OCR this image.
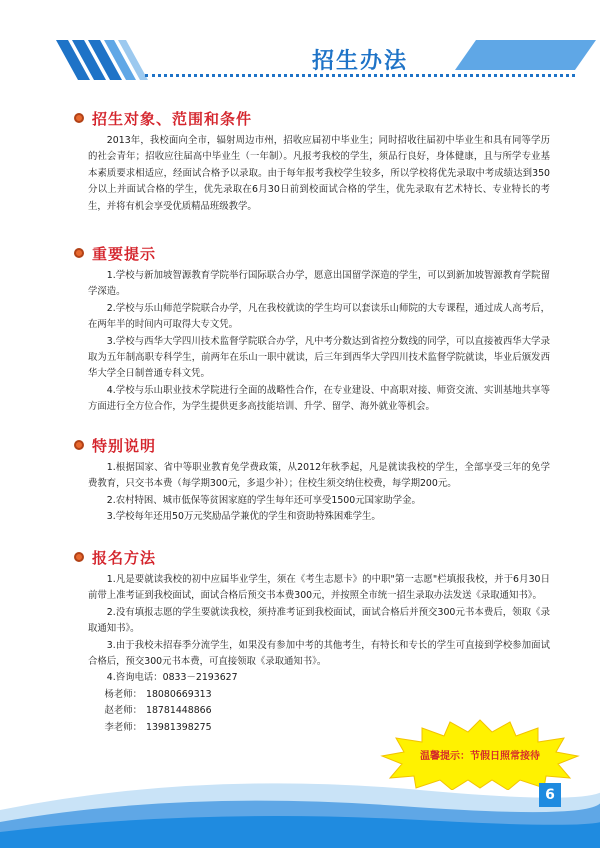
招生办法
招生对象、范围和条件

2013年，我校面向全市，辐射周边市州，招收应届初中毕业生；同时招收往届初中毕业生和具有同等学历的社会青年；招收应往届高中毕业生（一年制）。凡报考我校的学生，须品行良好，身体健康，且与所学专业基本素质要求相适应，经面试合格予以录取。由于每年报考我校学生较多，所以学校将优先录取中考成绩达到350分以上并面试合格的学生，优先录取在6月30日前到校面试合格的学生，优先录取有艺术特长、专业特长的考生，并将有机会享受优质精品班级教学。

重要提示

1.学校与新加坡智源教育学院举行国际联合办学，愿意出国留学深造的学生，可以到新加坡智源教育学院留学深造。

2.学校与乐山师范学院联合办学，凡在我校就读的学生均可以套读乐山师院的大专课程，通过成人高考后，在两年半的时间内可取得大专文凭。

3.学校与西华大学四川技术监督学院联合办学，凡中考分数达到省控分数线的同学，可以直接被西华大学录取为五年制高职专科学生，前两年在乐山一职中就读，后三年到西华大学四川技术监督学院就读，毕业后颁发西华大学全日制普通专科文凭。

4.学校与乐山职业技术学院进行全面的战略性合作，在专业建设、中高职对接、师资交流、实训基地共享等方面进行全方位合作，为学生提供更多高技能培训、升学、留学、海外就业等机会。

特别说明

1.根据国家、省中等职业教育免学费政策，从2012年秋季起，凡是就读我校的学生，全部享受三年的免学费教育，只交书本费（每学期300元，多退少补）；住校生须交纳住校费，每学期200元。

2.农村特困、城市低保等贫困家庭的学生每年还可享受1500元国家助学金。

3.学校每年还用50万元奖励品学兼优的学生和资助特殊困难学生。

报名方法

1.凡是要就读我校的初中应届毕业学生，须在《考生志愿卡》的中职"第一志愿"栏填报我校，并于6月30日前带上准考证到我校面试，面试合格后预交书本费300元，并按照全市统一招生录取办法发送《录取通知书》。

2.没有填报志愿的学生要就读我校，须持准考证到我校面试，面试合格后并预交300元书本费后，领取《录取通知书》。

3.由于我校未招春季分流学生，如果没有参加中考的其他考生，有特长和专长的学生可直接到学校参加面试合格后，预交300元书本费，可直接领取《录取通知书》。

4.咨询电话：0833－2193627
杨老师： 18080669313
赵老师： 18781448866
李老师： 13981398275
温馨提示：节假日照常接待
6
